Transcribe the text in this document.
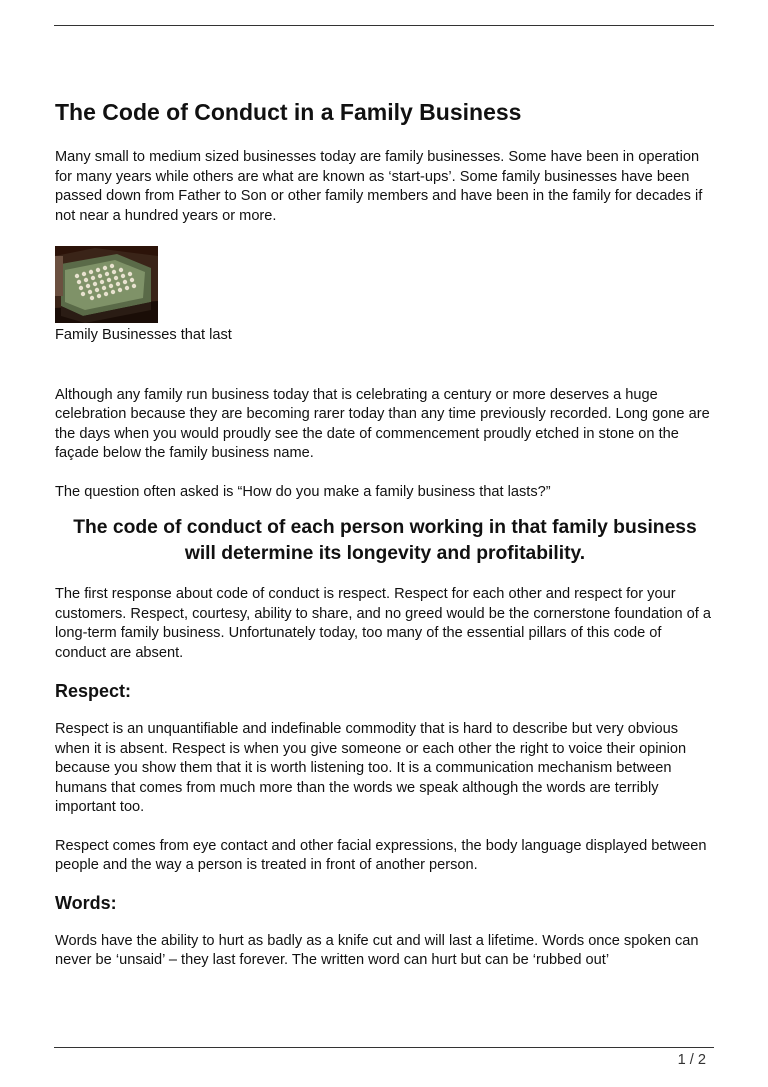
The Code of Conduct in a Family Business

Many small to medium sized businesses today are family businesses. Some have been in operation for many years while others are what are known as ‘start-ups’. Some family businesses have been passed down from Father to Son or other family members and have been in the family for decades if not near a hundred years or more.

Family Businesses that last

Although any family run business today that is celebrating a century or more deserves a huge celebration because they are becoming rarer today than any time previously recorded. Long gone are the days when you would proudly see the date of commencement proudly etched in stone on the façade below the family business name.

The question often asked is “How do you make a family business that lasts?”

The code of conduct of each person working in that family business will determine its longevity and profitability.

The first response about code of conduct is respect. Respect for each other and respect for your customers. Respect, courtesy, ability to share, and no greed would be the cornerstone foundation of a long-term family business. Unfortunately today, too many of the essential pillars of this code of conduct are absent.

Respect:

Respect is an unquantifiable and indefinable commodity that is hard to describe but very obvious when it is absent. Respect is when you give someone or each other the right to voice their opinion because you show them that it is worth listening too. It is a communication mechanism between humans that comes from much more than the words we speak although the words are terribly important too.

Respect comes from eye contact and other facial expressions, the body language displayed between people and the way a person is treated in front of another person.

Words:

Words have the ability to hurt as badly as a knife cut and will last a lifetime. Words once spoken can never be ‘unsaid’ – they last forever. The written word can hurt but can be ‘rubbed out’

1 / 2
